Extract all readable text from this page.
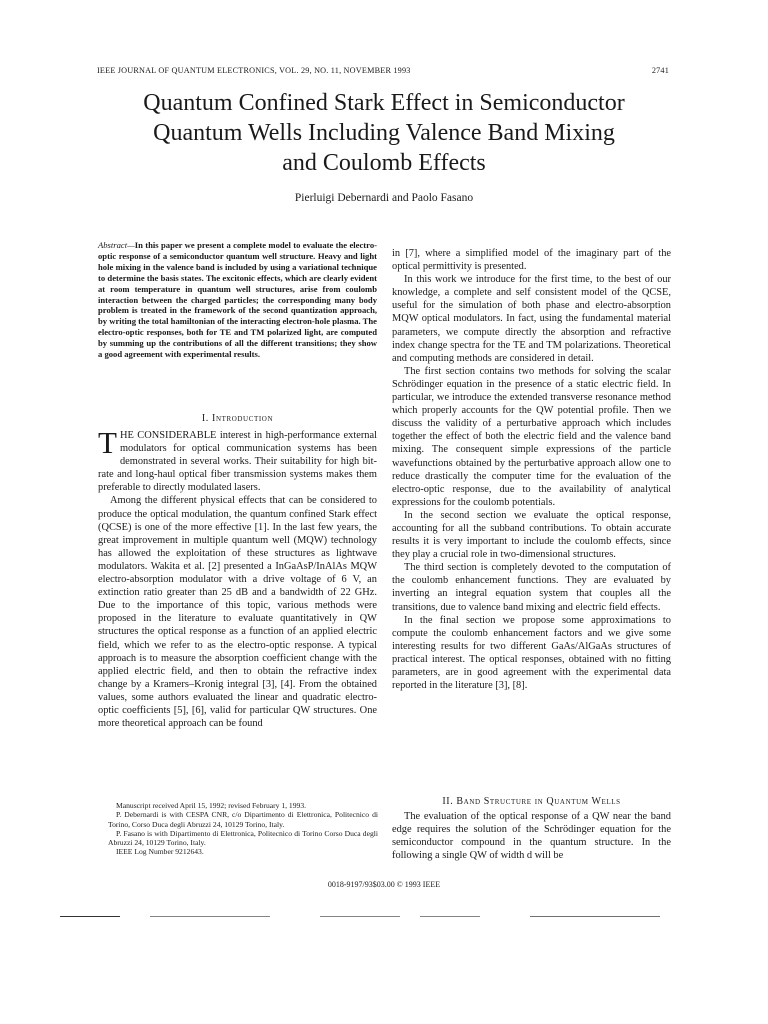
IEEE JOURNAL OF QUANTUM ELECTRONICS, VOL. 29, NO. 11, NOVEMBER 1993	2741
Quantum Confined Stark Effect in Semiconductor
Quantum Wells Including Valence Band Mixing
and Coulomb Effects
Pierluigi Debernardi and Paolo Fasano
Abstract—In this paper we present a complete model to evaluate the electro-optic response of a semiconductor quantum well structure. Heavy and light hole mixing in the valence band is included by using a variational technique to determine the basis states. The excitonic effects, which are clearly evident at room temperature in quantum well structures, arise from coulomb interaction between the charged particles; the corresponding many body problem is treated in the framework of the second quantization approach, by writing the total hamiltonian of the interacting electron-hole plasma. The electro-optic responses, both for TE and TM polarized light, are computed by summing up the contributions of all the different transitions; they show a good agreement with experimental results.
I. Introduction

THE CONSIDERABLE interest in high-performance external modulators for optical communication systems has been demonstrated in several works. Their suitability for high bit-rate and long-haul optical fiber transmission systems makes them preferable to directly modulated lasers.

Among the different physical effects that can be considered to produce the optical modulation, the quantum confined Stark effect (QCSE) is one of the more effective [1]. In the last few years, the great improvement in multiple quantum well (MQW) technology has allowed the exploitation of these structures as lightwave modulators. Wakita et al. [2] presented a InGaAsP/InAlAs MQW electro-absorption modulator with a drive voltage of 6 V, an extinction ratio greater than 25 dB and a bandwidth of 22 GHz. Due to the importance of this topic, various methods were proposed in the literature to evaluate quantitatively in QW structures the optical response as a function of an applied electric field, which we refer to as the electro-optic response. A typical approach is to measure the absorption coefficient change with the applied electric field, and then to obtain the refractive index change by a Kramers–Kronig integral [3], [4]. From the obtained values, some authors evaluated the linear and quadratic electro-optic coefficients [5], [6], valid for particular QW structures. One more theoretical approach can be found

in [7], where a simplified model of the imaginary part of the optical permittivity is presented.

In this work we introduce for the first time, to the best of our knowledge, a complete and self consistent model of the QCSE, useful for the simulation of both phase and electro-absorption MQW optical modulators. In fact, using the fundamental material parameters, we compute directly the absorption and refractive index change spectra for the TE and TM polarizations. Theoretical and computing methods are considered in detail.

The first section contains two methods for solving the scalar Schrödinger equation in the presence of a static electric field. In particular, we introduce the extended transverse resonance method which properly accounts for the QW potential profile. Then we discuss the validity of a perturbative approach which includes together the effect of both the electric field and the valence band mixing. The consequent simple expressions of the particle wavefunctions obtained by the perturbative approach allow one to reduce drastically the computer time for the evaluation of the electro-optic response, due to the availability of analytical expressions for the coulomb potentials.

In the second section we evaluate the optical response, accounting for all the subband contributions. To obtain accurate results it is very important to include the coulomb effects, since they play a crucial role in two-dimensional structures.

The third section is completely devoted to the computation of the coulomb enhancement functions. They are evaluated by inverting an integral equation system that couples all the transitions, due to valence band mixing and electric field effects.

In the final section we propose some approximations to compute the coulomb enhancement factors and we give some interesting results for two different GaAs/AlGaAs structures of practical interest. The optical responses, obtained with no fitting parameters, are in good agreement with the experimental data reported in the literature [3], [8].

II. Band Structure in Quantum Wells

The evaluation of the optical response of a QW near the band edge requires the solution of the Schrödinger equation for the semiconductor compound in the quantum structure. In the following a single QW of width d will be

Manuscript received April 15, 1992; revised February 1, 1993.

P. Debernardi is with CESPA CNR, c/o Dipartimento di Elettronica, Politecnico di Torino, Corso Duca degli Abruzzi 24, 10129 Torino, Italy.

P. Fasano is with Dipartimento di Elettronica, Politecnico di Torino Corso Duca degli Abruzzi 24, 10129 Torino, Italy.

IEEE Log Number 9212643.

0018-9197/93$03.00 © 1993 IEEE
